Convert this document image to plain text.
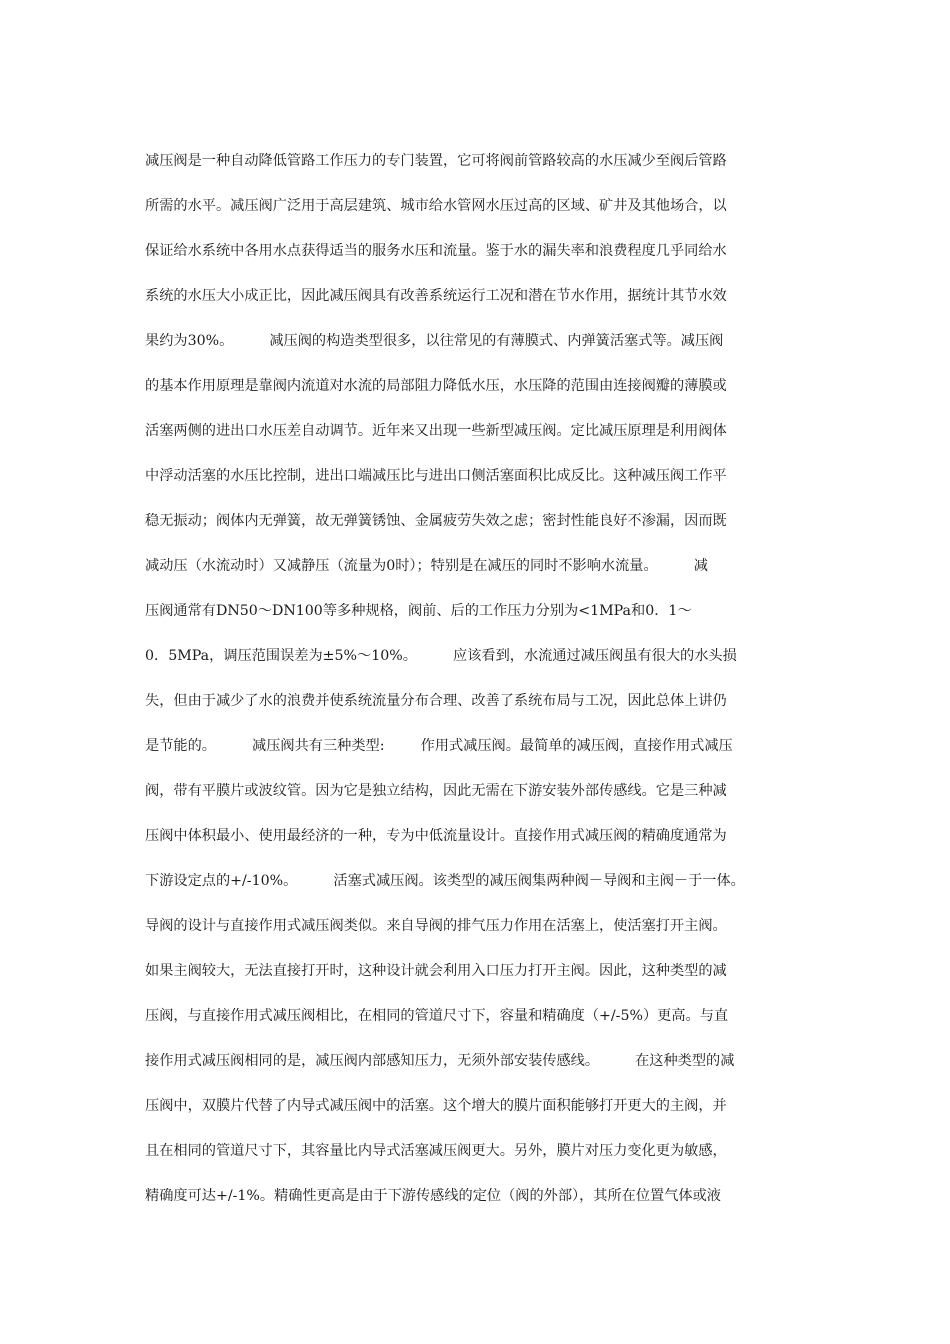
减压阀是一种自动降低管路工作压力的专门装置，它可将阀前管路较高的水压减少至阀后管路
所需的水平。减压阀广泛用于高层建筑、城市给水管网水压过高的区域、矿井及其他场合，以
保证给水系统中各用水点获得适当的服务水压和流量。鉴于水的漏失率和浪费程度几乎同给水
系统的水压大小成正比，因此减压阀具有改善系统运行工况和潜在节水作用，据统计其节水效
果约为30%。        减压阀的构造类型很多，以往常见的有薄膜式、内弹簧活塞式等。减压阀
的基本作用原理是靠阀内流道对水流的局部阻力降低水压，水压降的范围由连接阀瓣的薄膜或
活塞两侧的进出口水压差自动调节。近年来又出现一些新型减压阀。定比减压原理是利用阀体
中浮动活塞的水压比控制，进出口端减压比与进出口侧活塞面积比成反比。这种减压阀工作平
稳无振动；阀体内无弹簧，故无弹簧锈蚀、金属疲劳失效之虑；密封性能良好不渗漏，因而既
减动压（水流动时）又减静压（流量为0时）；特别是在减压的同时不影响水流量。        减
压阀通常有DN50～DN100等多种规格，阀前、后的工作压力分别为<1MPa和0．1～
0．5MPa，调压范围误差为±5%～10%。        应该看到，水流通过减压阀虽有很大的水头损
失，但由于减少了水的浪费并使系统流量分布合理、改善了系统布局与工况，因此总体上讲仍
是节能的。        减压阀共有三种类型:        作用式减压阀。最简单的减压阀，直接作用式减压
阀，带有平膜片或波纹管。因为它是独立结构，因此无需在下游安装外部传感线。它是三种减
压阀中体积最小、使用最经济的一种，专为中低流量设计。直接作用式减压阀的精确度通常为
下游设定点的+/-10%。        活塞式减压阀。该类型的减压阀集两种阀－导阀和主阀－于一体。
导阀的设计与直接作用式减压阀类似。来自导阀的排气压力作用在活塞上，使活塞打开主阀。
如果主阀较大，无法直接打开时，这种设计就会利用入口压力打开主阀。因此，这种类型的减
压阀，与直接作用式减压阀相比，在相同的管道尺寸下，容量和精确度（+/-5%）更高。与直
接作用式减压阀相同的是，减压阀内部感知压力，无须外部安装传感线。        在这种类型的减
压阀中，双膜片代替了内导式减压阀中的活塞。这个增大的膜片面积能够打开更大的主阀，并
且在相同的管道尺寸下，其容量比内导式活塞减压阀更大。另外，膜片对压力变化更为敏感，
精确度可达+/-1%。精确性更高是由于下游传感线的定位（阀的外部），其所在位置气体或液
